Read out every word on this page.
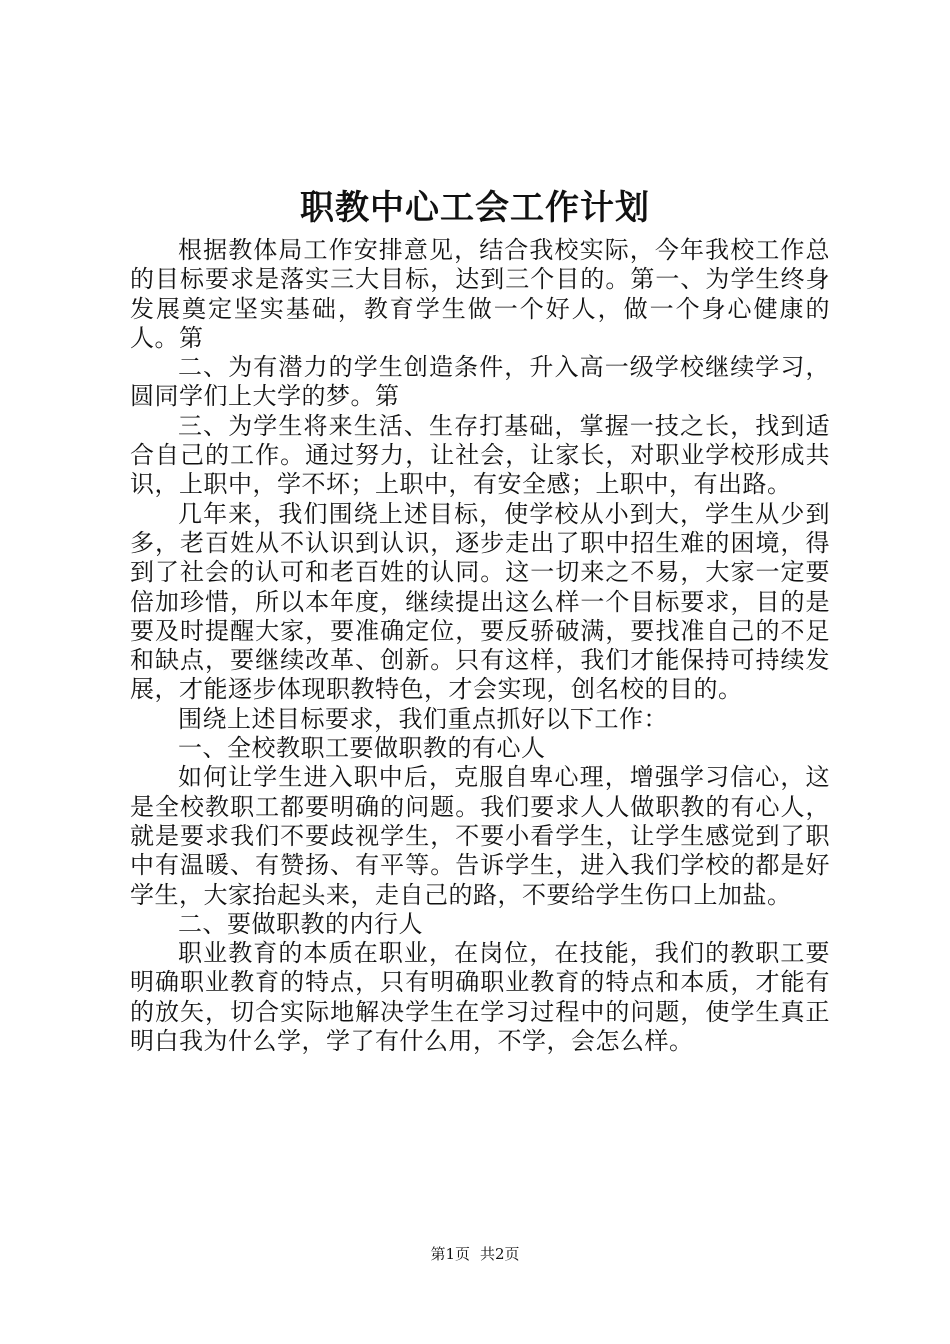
职教中心工会工作计划

根据教体局工作安排意见，结合我校实际，今年我校工作总的目标要求是落实三大目标，达到三个目的。第一、为学生终身发展奠定坚实基础，教育学生做一个好人，做一个身心健康的人。第

二、为有潜力的学生创造条件，升入高一级学校继续学习，圆同学们上大学的梦。第

三、为学生将来生活、生存打基础，掌握一技之长，找到适合自己的工作。通过努力，让社会，让家长，对职业学校形成共识，上职中，学不坏；上职中，有安全感；上职中，有出路。

几年来，我们围绕上述目标，使学校从小到大，学生从少到多，老百姓从不认识到认识，逐步走出了职中招生难的困境，得到了社会的认可和老百姓的认同。这一切来之不易，大家一定要倍加珍惜，所以本年度，继续提出这么样一个目标要求，目的是要及时提醒大家，要准确定位，要反骄破满，要找准自己的不足和缺点，要继续改革、创新。只有这样，我们才能保持可持续发展，才能逐步体现职教特色，才会实现，创名校的目的。

围绕上述目标要求，我们重点抓好以下工作：

一、全校教职工要做职教的有心人

如何让学生进入职中后，克服自卑心理，增强学习信心，这是全校教职工都要明确的问题。我们要求人人做职教的有心人，就是要求我们不要歧视学生，不要小看学生，让学生感觉到了职中有温暖、有赞扬、有平等。告诉学生，进入我们学校的都是好学生，大家抬起头来，走自己的路，不要给学生伤口上加盐。

二、要做职教的内行人

职业教育的本质在职业，在岗位，在技能，我们的教职工要明确职业教育的特点，只有明确职业教育的特点和本质，才能有的放矢，切合实际地解决学生在学习过程中的问题，使学生真正明白我为什么学，学了有什么用，不学，会怎么样。

第1页 共2页
